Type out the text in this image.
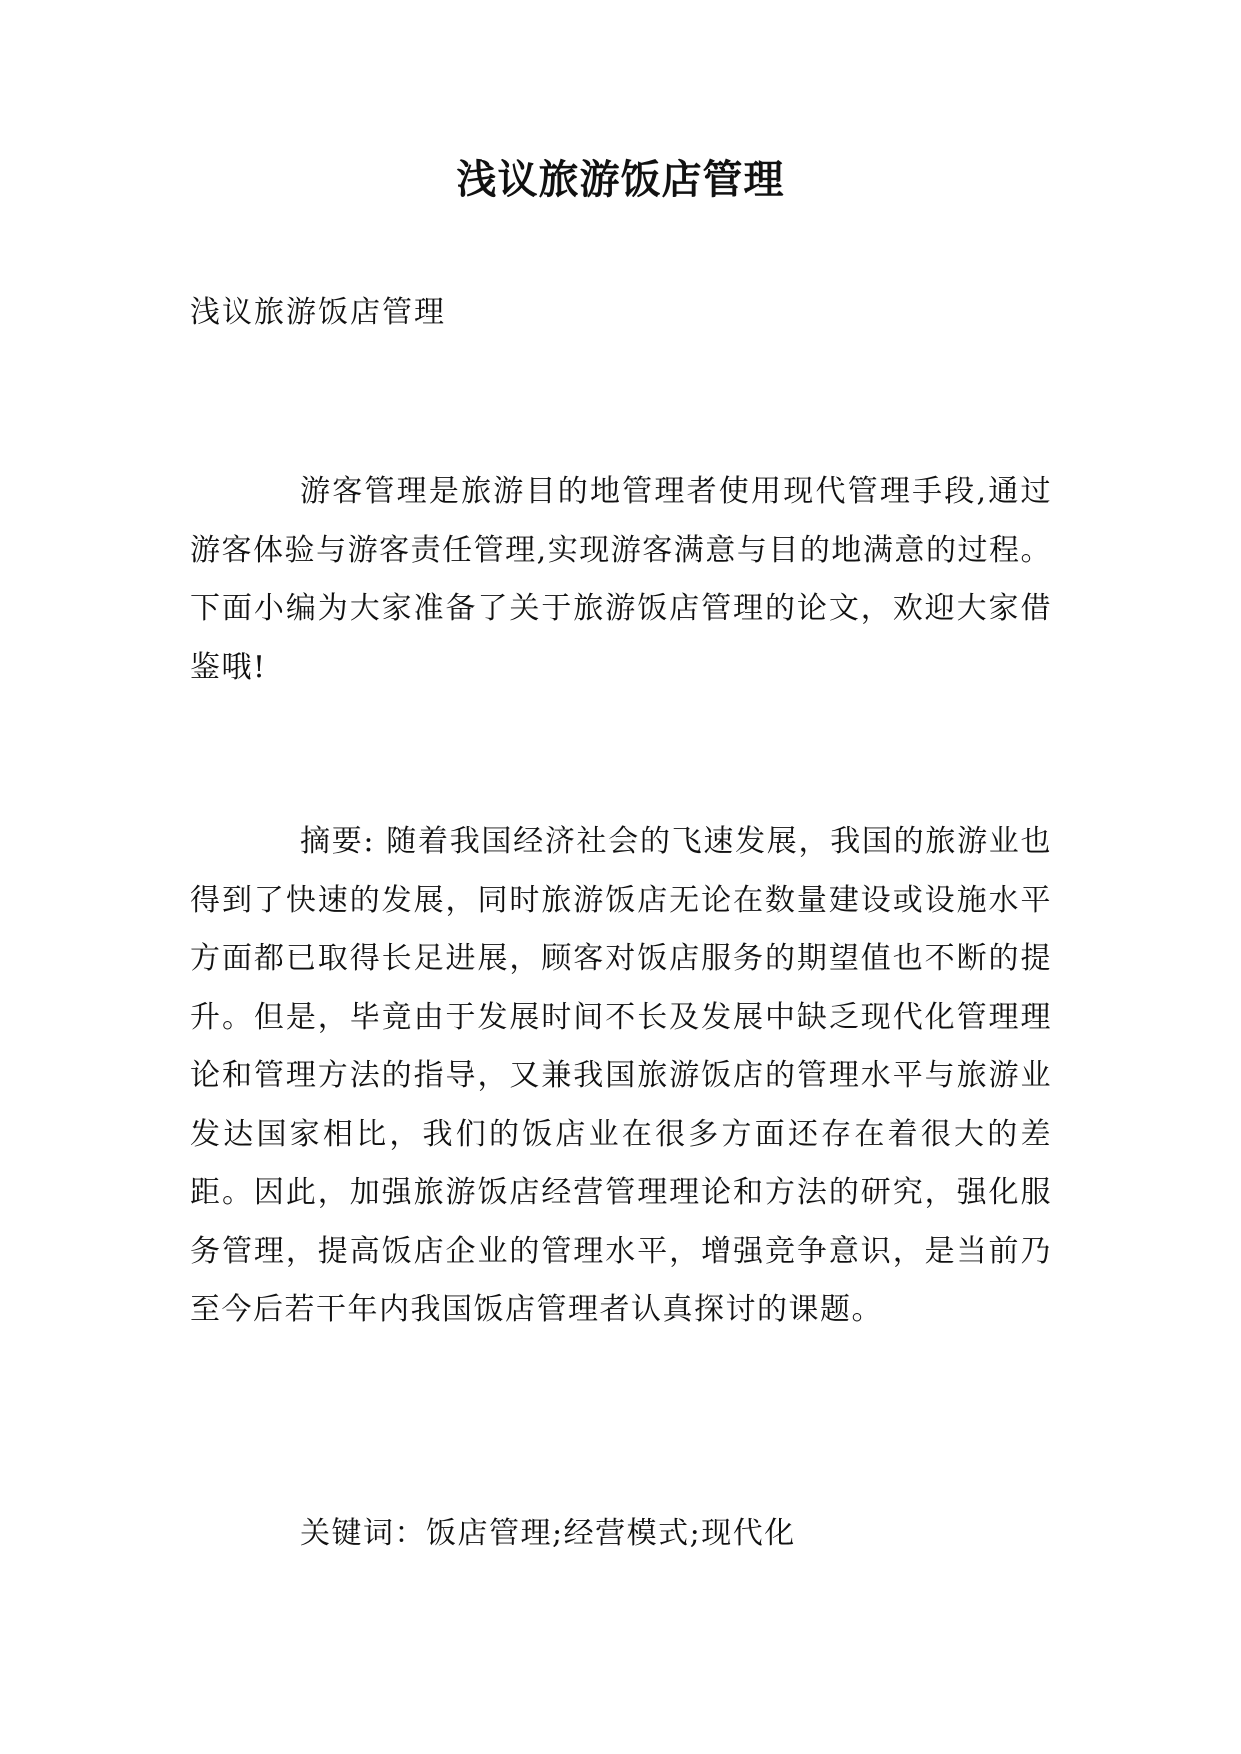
浅议旅游饭店管理
浅议旅游饭店管理

游客管理是旅游目的地管理者使用现代管理手段,通过游客体验与游客责任管理,实现游客满意与目的地满意的过程。下面小编为大家准备了关于旅游饭店管理的论文，欢迎大家借鉴哦!

摘要: 随着我国经济社会的飞速发展，我国的旅游业也得到了快速的发展，同时旅游饭店无论在数量建设或设施水平方面都已取得长足进展，顾客对饭店服务的期望值也不断的提升。但是，毕竟由于发展时间不长及发展中缺乏现代化管理理论和管理方法的指导，又兼我国旅游饭店的管理水平与旅游业发达国家相比，我们的饭店业在很多方面还存在着很大的差距。因此，加强旅游饭店经营管理理论和方法的研究，强化服务管理，提高饭店企业的管理水平，增强竞争意识，是当前乃至今后若干年内我国饭店管理者认真探讨的课题。

关键词：饭店管理;经营模式;现代化
